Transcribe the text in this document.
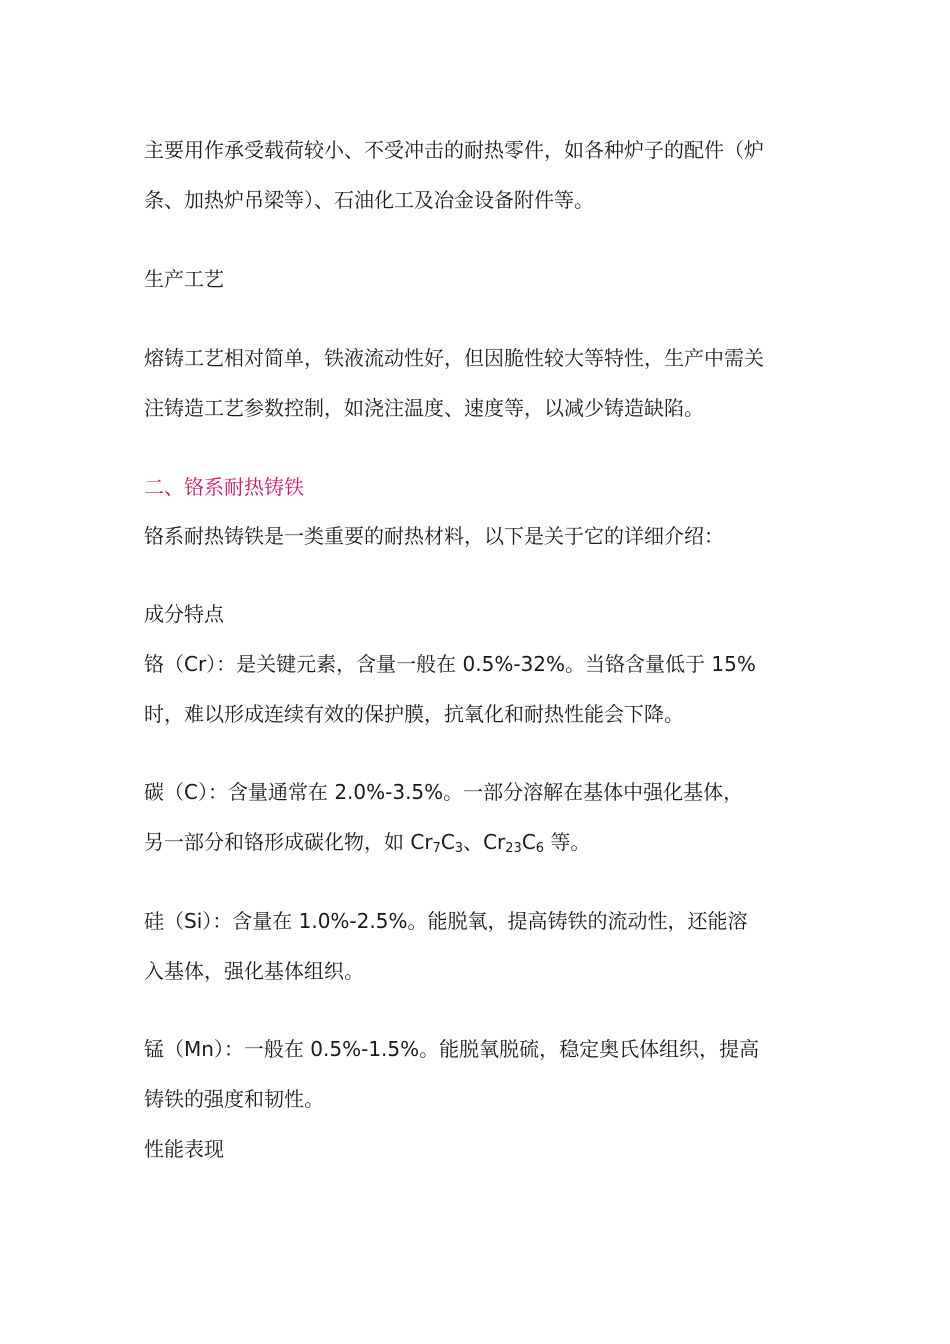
主要用作承受载荷较小、不受冲击的耐热零件，如各种炉子的配件（炉
条、加热炉吊梁等）、石油化工及冶金设备附件等。
生产工艺
熔铸工艺相对简单，铁液流动性好，但因脆性较大等特性，生产中需关
注铸造工艺参数控制，如浇注温度、速度等，以减少铸造缺陷。
二、铬系耐热铸铁
铬系耐热铸铁是一类重要的耐热材料，以下是关于它的详细介绍：
成分特点
铬（Cr）：是关键元素，含量一般在 0.5%-32%。当铬含量低于 15%
时，难以形成连续有效的保护膜，抗氧化和耐热性能会下降。
碳（C）：含量通常在 2.0%-3.5%。一部分溶解在基体中强化基体，
另一部分和铬形成碳化物，如 $Cr_7C_3$、$Cr_{23}C_6$ 等。
硅（Si）：含量在 1.0%-2.5%。能脱氧，提高铸铁的流动性，还能溶
入基体，强化基体组织。
锰（Mn）：一般在 0.5%-1.5%。能脱氧脱硫，稳定奥氏体组织，提高
铸铁的强度和韧性。
性能表现
